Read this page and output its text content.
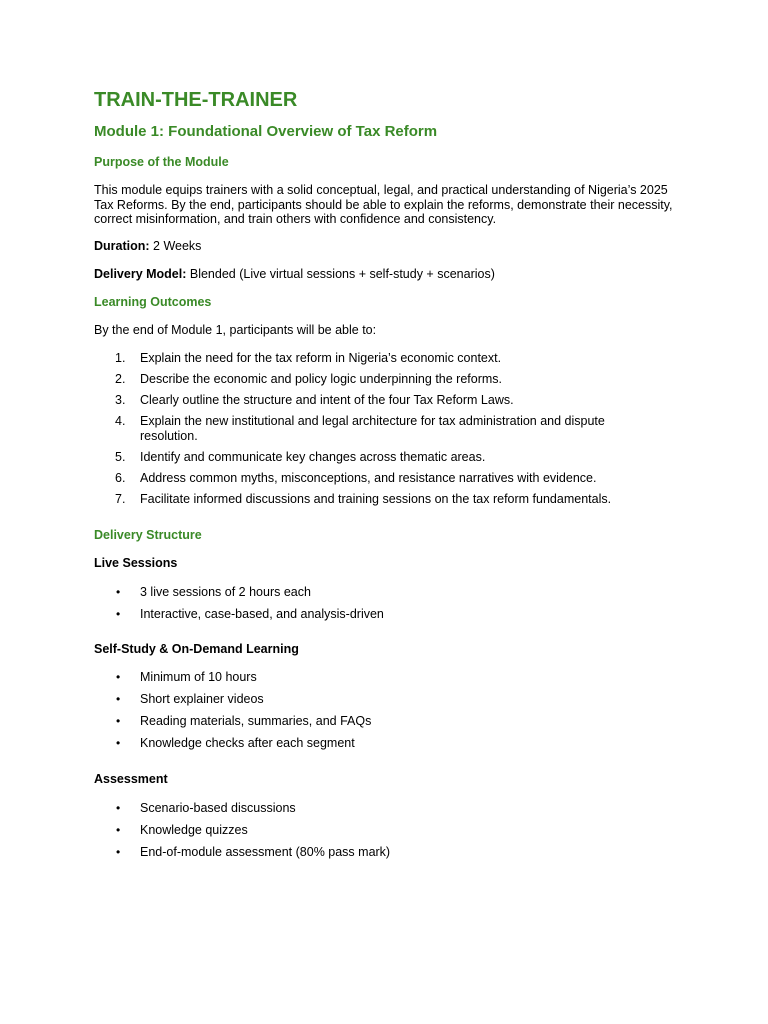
TRAIN-THE-TRAINER
Module 1: Foundational Overview of Tax Reform
Purpose of the Module

This module equips trainers with a solid conceptual, legal, and practical understanding of Nigeria’s 2025 Tax Reforms. By the end, participants should be able to explain the reforms, demonstrate their necessity, correct misinformation, and train others with confidence and consistency.

Duration: 2 Weeks

Delivery Model: Blended (Live virtual sessions + self-study + scenarios)

Learning Outcomes

By the end of Module 1, participants will be able to:

1. Explain the need for the tax reform in Nigeria’s economic context.
2. Describe the economic and policy logic underpinning the reforms.
3. Clearly outline the structure and intent of the four Tax Reform Laws.
4. Explain the new institutional and legal architecture for tax administration and dispute resolution.
5. Identify and communicate key changes across thematic areas.
6. Address common myths, misconceptions, and resistance narratives with evidence.
7. Facilitate informed discussions and training sessions on the tax reform fundamentals.
Delivery Structure
Live Sessions
• 3 live sessions of 2 hours each
• Interactive, case-based, and analysis-driven
Self-Study & On-Demand Learning
• Minimum of 10 hours
• Short explainer videos
• Reading materials, summaries, and FAQs
• Knowledge checks after each segment
Assessment
• Scenario-based discussions
• Knowledge quizzes
• End-of-module assessment (80% pass mark)
